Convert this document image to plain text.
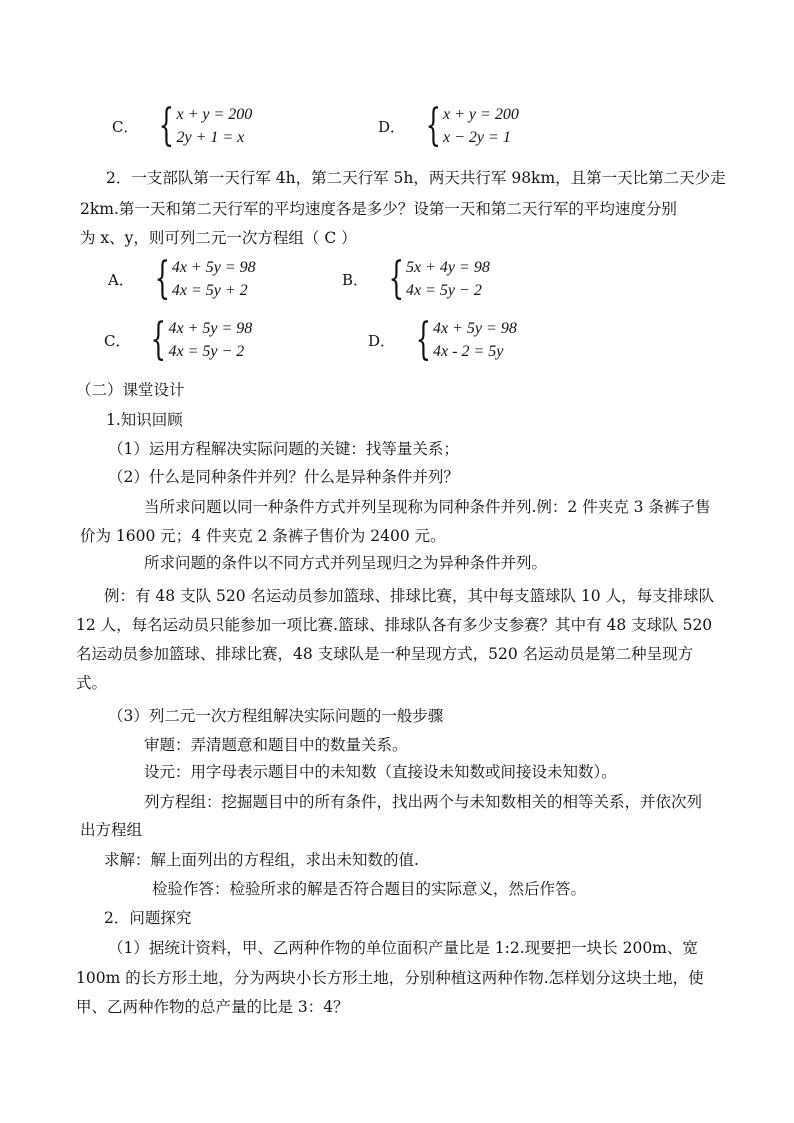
C． { x + y = 200
2y + 1 = x
D． { x + y = 200
x − 2y = 1
2．一支部队第一天行军 4h，第二天行军 5h，两天共行军 98km，且第一天比第二天少走
2km.第一天和第二天行军的平均速度各是多少？设第一天和第二天行军的平均速度分别
为 x、y，则可列二元一次方程组（ C ）
A． { 4x + 5y = 98
4x = 5y + 2
B． { 5x + 4y = 98
4x = 5y − 2
C． { 4x + 5y = 98
4x = 5y − 2
D． { 4x + 5y = 98
4x - 2 = 5y
（二）课堂设计
1.知识回顾
（1）运用方程解决实际问题的关键：找等量关系；
（2）什么是同种条件并列？什么是异种条件并列？
当所求问题以同一种条件方式并列呈现称为同种条件并列.例：2 件夹克 3 条裤子售
价为 1600 元；4 件夹克 2 条裤子售价为 2400 元。
所求问题的条件以不同方式并列呈现归之为异种条件并列。
例：有 48 支队 520 名运动员参加篮球、排球比赛，其中每支篮球队 10 人，每支排球队
12 人，每名运动员只能参加一项比赛.篮球、排球队各有多少支参赛？其中有 48 支球队 520
名运动员参加篮球、排球比赛，48 支球队是一种呈现方式，520 名运动员是第二种呈现方
式。
（3）列二元一次方程组解决实际问题的一般步骤
审题：弄清题意和题目中的数量关系。
设元：用字母表示题目中的未知数（直接设未知数或间接设未知数）。
列方程组：挖掘题目中的所有条件，找出两个与未知数相关的相等关系，并依次列
出方程组
求解：解上面列出的方程组，求出未知数的值.
检验作答：检验所求的解是否符合题目的实际意义，然后作答。
2．问题探究
（1）据统计资料，甲、乙两种作物的单位面积产量比是 1:2.现要把一块长 200m、宽
100m 的长方形土地，分为两块小长方形土地，分别种植这两种作物.怎样划分这块土地，使
甲、乙两种作物的总产量的比是 3：4？
